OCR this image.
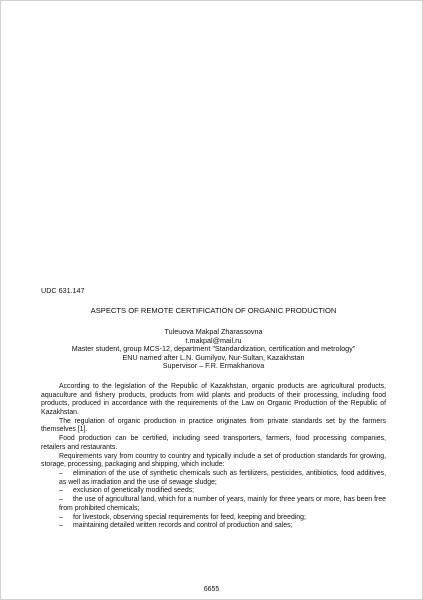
UDC 631.147
ASPECTS OF REMOTE CERTIFICATION OF ORGANIC PRODUCTION
Tuleuova Makpal Zharassovna
t.makpal@mail.ru
Master student, group MCS-12, department "Standardization, certification and metrology"
ENU named after L.N. Gumilyov, Nur-Sultan, Kazakhstan
Supervisor – F.R. Ermakhanova

According to the legislation of the Republic of Kazakhstan, organic products are agricultural products, aquaculture and fishery products, products from wild plants and products of their processing, including food products, produced in accordance with the requirements of the Law on Organic Production of the Republic of Kazakhstan.

The regulation of organic production in practice originates from private standards set by the farmers themselves [1].

Food production can be certified, including seed transporters, farmers, food processing companies, retailers and restaurants.

Requirements vary from country to country and typically include a set of production standards for growing, storage, processing, packaging and shipping, which include:

– elimination of the use of synthetic chemicals such as fertilizers, pesticides, antibiotics, food additives, as well as irradiation and the use of sewage sludge;

– exclusion of genetically modified seeds;

– the use of agricultural land, which for a number of years, mainly for three years or more, has been free from prohibited chemicals;

– for livestock, observing special requirements for feed, keeping and breeding;

– maintaining detailed written records and control of production and sales;

6655
